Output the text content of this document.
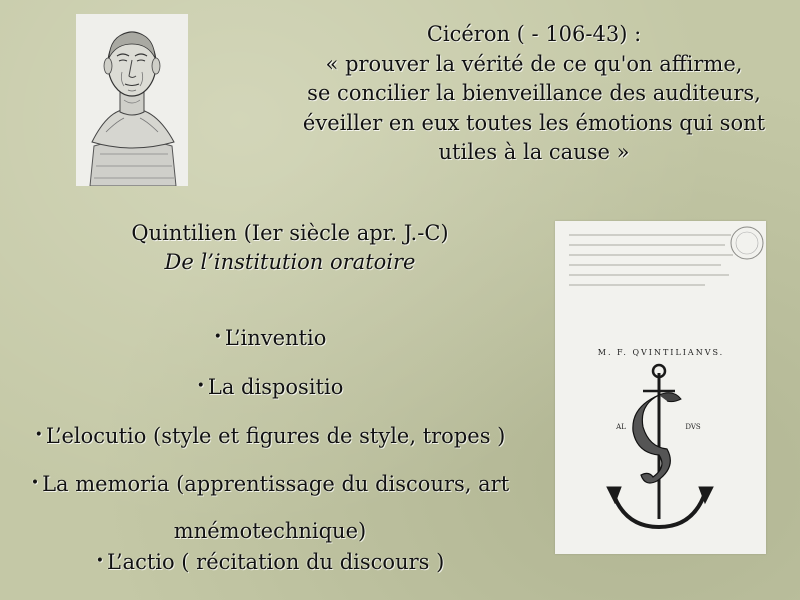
Cicéron ( - 106-43) :
« prouver la vérité de ce qu'on affirme,
se concilier la bienveillance des auditeurs,
éveiller en eux toutes les émotions qui sont
utiles à la cause »
Quintilien (Ier siècle apr. J.-C)
De l’institution oratoire
M. F. QVINTILIANVS.
AL	DVS
• L’inventio
• La dispositio
• L’elocutio (style et figures de style, tropes )
• La memoria (apprentissage du discours, art mnémotechnique)
• L’actio ( récitation du discours )
